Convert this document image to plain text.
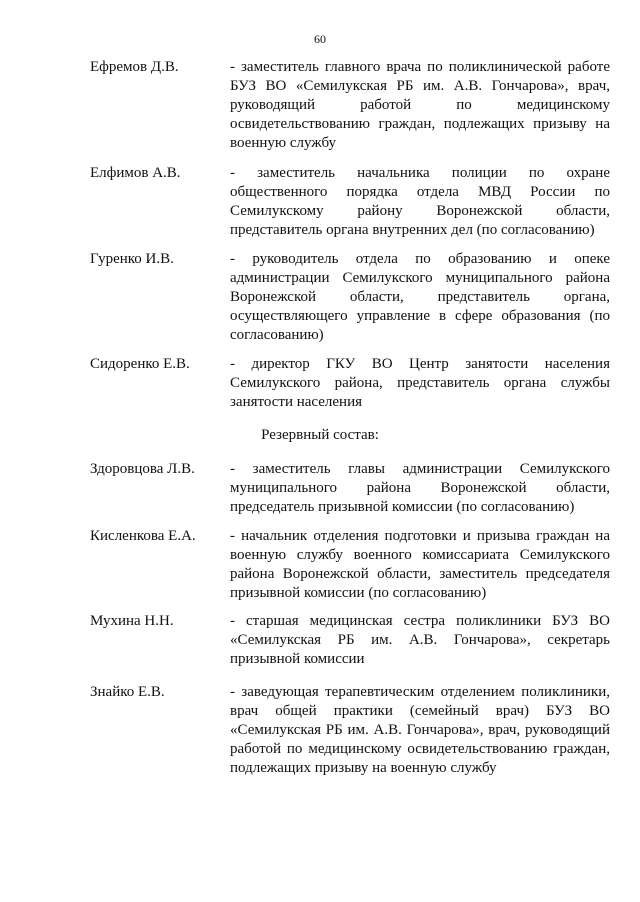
60
Ефремов Д.В.	- заместитель главного врача по поликлинической работе БУЗ ВО «Семилукская РБ им. А.В. Гончарова», врач, руководящий работой по медицинскому освидетельствованию граждан, подлежащих призыву на военную службу
Елфимов А.В.	- заместитель начальника полиции по охране общественного порядка отдела МВД России по Семилукскому району Воронежской области, представитель органа внутренних дел (по согласованию)
Гуренко И.В.	- руководитель отдела по образованию и опеке администрации Семилукского муниципального района Воронежской области, представитель органа, осуществляющего управление в сфере образования (по согласованию)
Сидоренко Е.В.	- директор ГКУ ВО Центр занятости населения Семилукского района, представитель органа службы занятости населения
Резервный состав:
Здоровцова Л.В. - заместитель главы администрации Семилукского муниципального района Воронежской области, председатель призывной комиссии (по согласованию)
Кисленкова Е.А. - начальник отделения подготовки и призыва граждан на военную службу военного комиссариата Семилукского района Воронежской области, заместитель председателя призывной комиссии (по согласованию)
Мухина Н.Н.	- старшая медицинская сестра поликлиники БУЗ ВО «Семилукская РБ им. А.В. Гончарова», секретарь призывной комиссии
Знайко Е.В.	- заведующая терапевтическим отделением поликлиники, врач общей практики (семейный врач) БУЗ ВО «Семилукская РБ им. А.В. Гончарова», врач, руководящий работой по медицинскому освидетельствованию граждан, подлежащих призыву на военную службу
